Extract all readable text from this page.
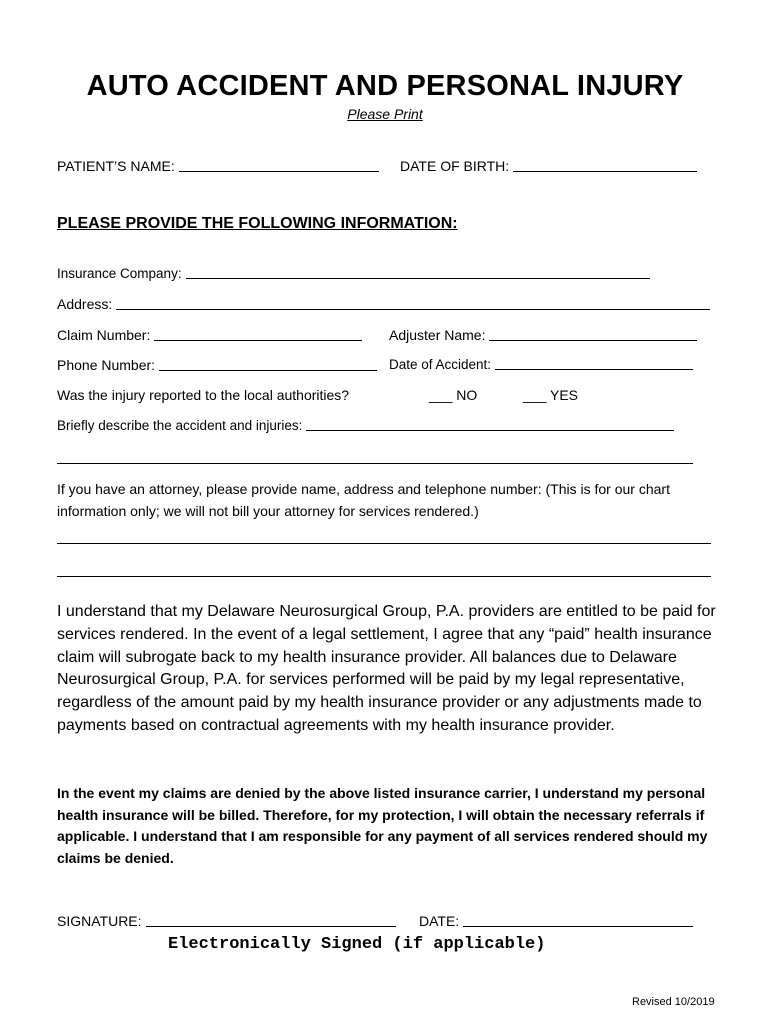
AUTO ACCIDENT AND PERSONAL INJURY
Please Print
PATIENT’S NAME:	DATE OF BIRTH:
PLEASE PROVIDE THE FOLLOWING INFORMATION:
Insurance Company:
Address:
Claim Number:	Adjuster Name:
Phone Number:	Date of Accident:
Was the injury reported to the local authorities?	___ NO	___ YES
Briefly describe the accident and injuries:
If you have an attorney, please provide name, address and telephone number: (This is for our chart information only; we will not bill your attorney for services rendered.)
I understand that my Delaware Neurosurgical Group, P.A. providers are entitled to be paid for services rendered. In the event of a legal settlement, I agree that any “paid” health insurance claim will subrogate back to my health insurance provider. All balances due to Delaware Neurosurgical Group, P.A. for services performed will be paid by my legal representative, regardless of the amount paid by my health insurance provider or any adjustments made to payments based on contractual agreements with my health insurance provider.
In the event my claims are denied by the above listed insurance carrier, I understand my personal health insurance will be billed. Therefore, for my protection, I will obtain the necessary referrals if applicable. I understand that I am responsible for any payment of all services rendered should my claims be denied.
SIGNATURE:	DATE:
Electronically Signed (if applicable)
Revised 10/2019
